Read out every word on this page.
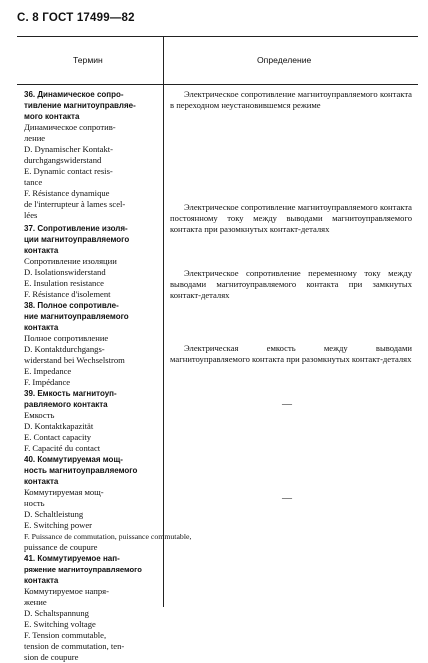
С. 8 ГОСТ 17499—82
Термин	Определение
36. Динамическое сопро-
тивление магнитоуправляе-
мого контакта
Динамическое сопротив-
ление
D. Dynamischer Kontakt-
durchgangswiderstand
E. Dynamic contact resis-
tance
F. Résistance dynamique
de l'interrupteur à lames scel-
lées
37. Сопротивление изоля-
ции магнитоуправляемого
контакта
Сопротивление изоляции
D. Isolationswiderstand
E. Insulation resistance
F. Résistance d'isolement
38. Полное сопротивле-
ние магнитоуправляемого
контакта
Полное сопротивление
D. Kontaktdurchgangs-
widerstand bei Wechselstrom
E. Impedance
F. Impédance
39. Емкость магнитоуп-
равляемого контакта
Емкость
D. Kontaktkapazität
E. Contact capacity
F. Capacité du contact
40. Коммутируемая мощ-
ность магнитоуправляемого
контакта
Коммутируемая мощ-
ность
D. Schaltleistung
E. Switching power
F. Puissance de commutation, puissance commutable,
puissance de coupure
41. Коммутируемое нап-
ряжение магнитоуправляемого
контакта
Коммутируемое напря-
жение
D. Schaltspannung
E. Switching voltage
F. Tension commutable,
tension de commutation, ten-
sion de coupure
Электрическое сопротивление магнитоуправляемого контакта в переходном неустановившемся режиме
Электрическое сопротивление магнитоуправляемого контакта постоянному току между выводами магнитоуправляемого контакта при разомкнутых контакт-деталях
Электрическое сопротивление переменному току между выводами магнитоуправляемого контакта при замкнутых контакт-деталях
Электрическая емкость между выводами магнитоуправляемого контакта при разомкнутых контакт-деталях
—
—
